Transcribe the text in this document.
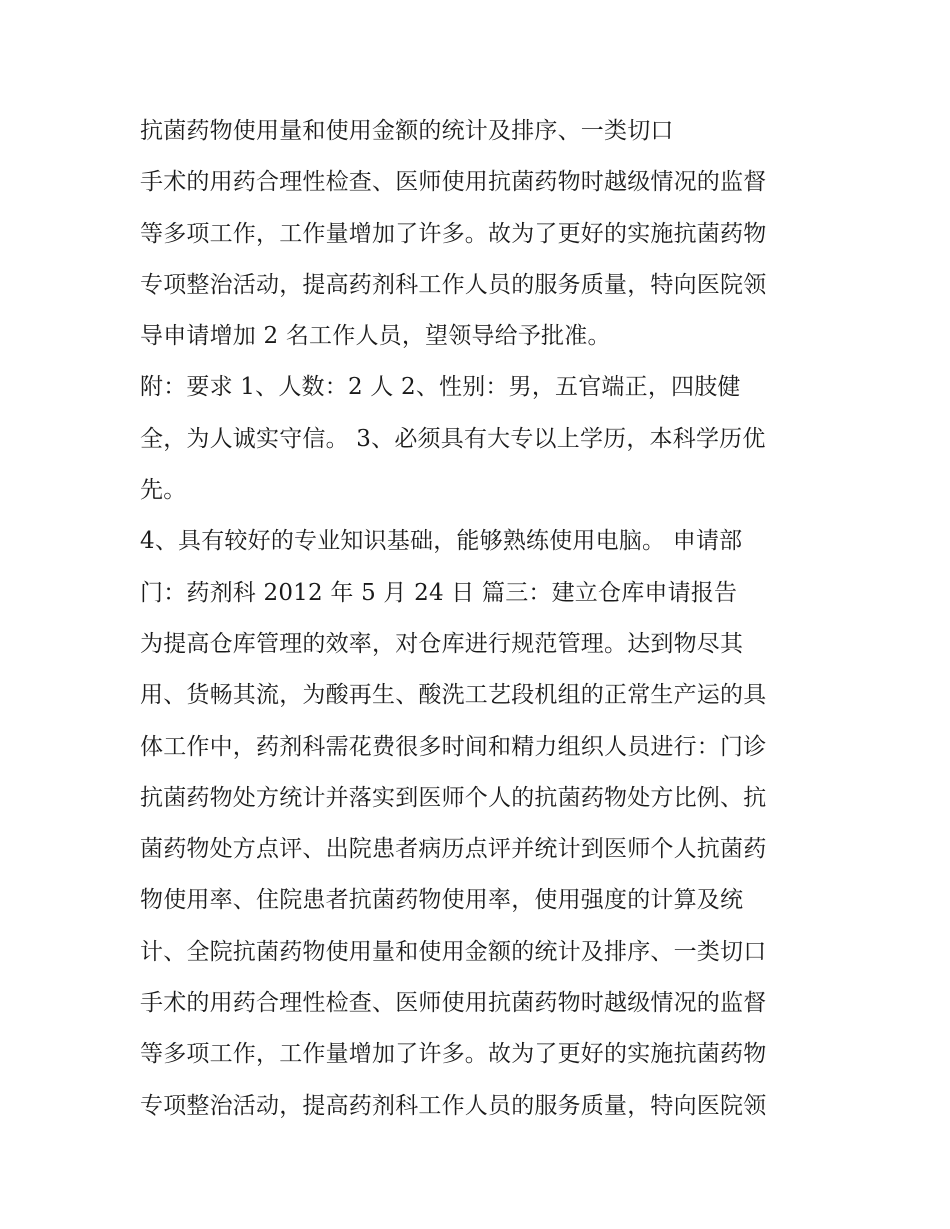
抗菌药物使用量和使用金额的统计及排序、一类切口
手术的用药合理性检查、医师使用抗菌药物时越级情况的监督
等多项工作，工作量增加了许多。故为了更好的实施抗菌药物
专项整治活动，提高药剂科工作人员的服务质量，特向医院领
导申请增加 2 名工作人员，望领导给予批准。
附：要求 1、人数：2 人 2、性别：男，五官端正，四肢健
全，为人诚实守信。 3、必须具有大专以上学历，本科学历优
先。
4、具有较好的专业知识基础，能够熟练使用电脑。 申请部
门：药剂科 2012 年 5 月 24 日 篇三：建立仓库申请报告
为提高仓库管理的效率，对仓库进行规范管理。达到物尽其
用、货畅其流，为酸再生、酸洗工艺段机组的正常生产运的具
体工作中，药剂科需花费很多时间和精力组织人员进行：门诊
抗菌药物处方统计并落实到医师个人的抗菌药物处方比例、抗
菌药物处方点评、出院患者病历点评并统计到医师个人抗菌药
物使用率、住院患者抗菌药物使用率，使用强度的计算及统
计、全院抗菌药物使用量和使用金额的统计及排序、一类切口
手术的用药合理性检查、医师使用抗菌药物时越级情况的监督
等多项工作，工作量增加了许多。故为了更好的实施抗菌药物
专项整治活动，提高药剂科工作人员的服务质量，特向医院领
